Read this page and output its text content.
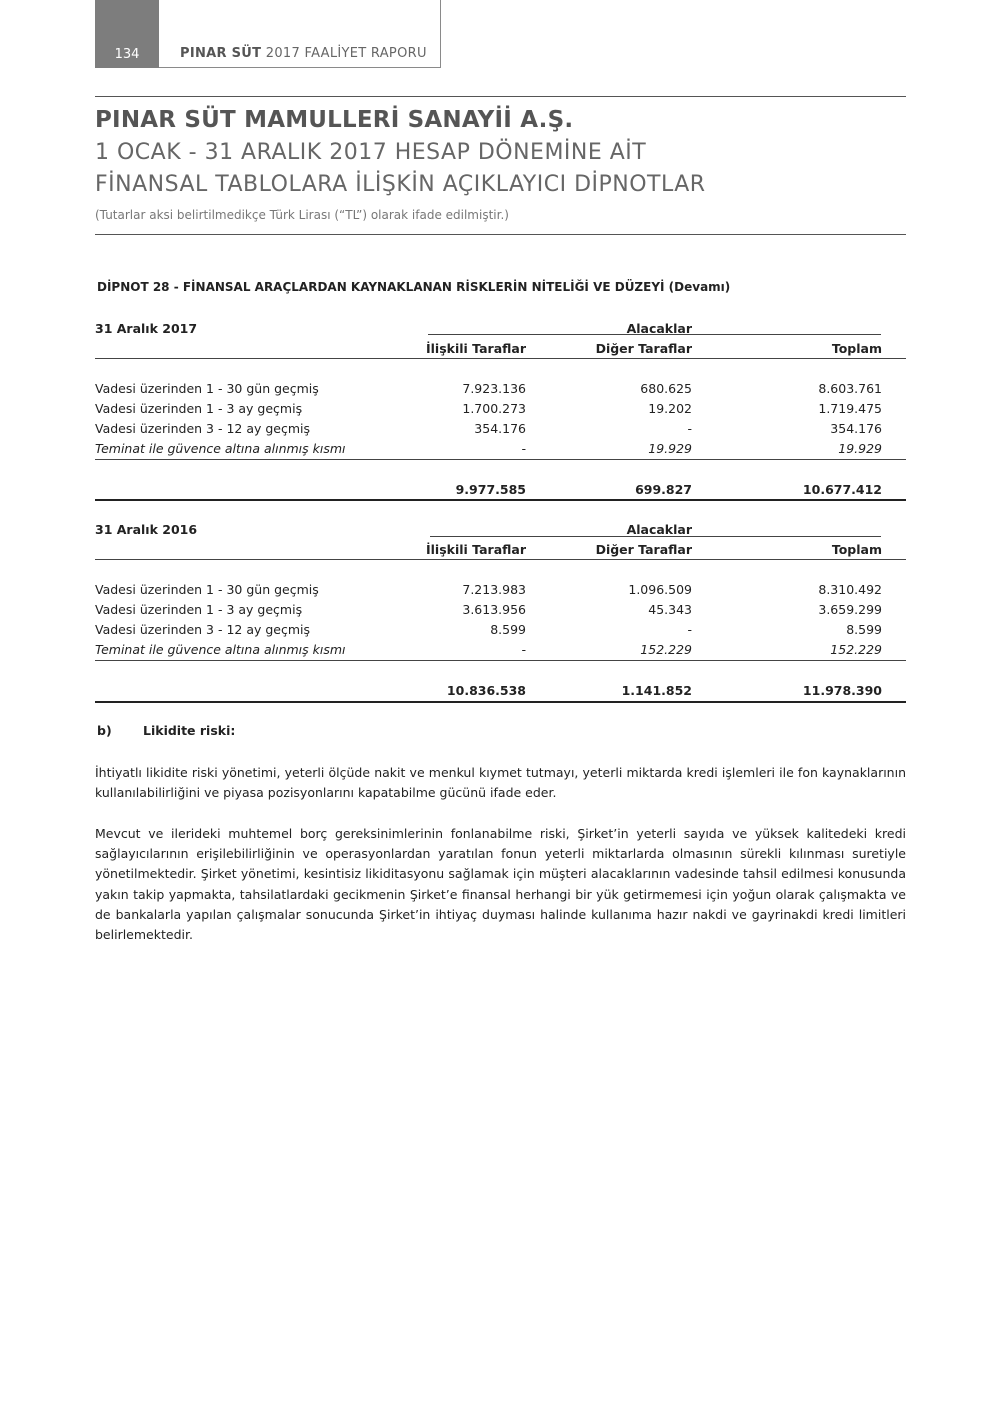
134	PINAR SÜT 2017 FAALİYET RAPORU
PINAR SÜT MAMULLERİ SANAYİİ A.Ş.
1 OCAK - 31 ARALIK 2017 HESAP DÖNEMİNE AİT
FİNANSAL TABLOLARA İLİŞKİN AÇIKLAYICI DİPNOTLAR
(Tutarlar aksi belirtilmedikçe Türk Lirası (“TL”) olarak ifade edilmiştir.)
DİPNOT 28 - FİNANSAL ARAÇLARDAN KAYNAKLANAN RİSKLERİN NİTELİĞİ VE DÜZEYİ (Devamı)
31 Aralık 2017	Alacaklar
İlişkili Taraflar	Diğer Taraflar	Toplam
Vadesi üzerinden 1 - 30 gün geçmiş	7.923.136	680.625	8.603.761
Vadesi üzerinden 1 - 3 ay geçmiş	1.700.273	19.202	1.719.475
Vadesi üzerinden 3 - 12 ay geçmiş	354.176	-	354.176
Teminat ile güvence altına alınmış kısmı	-	19.929	19.929
9.977.585	699.827	10.677.412
31 Aralık 2016	Alacaklar
İlişkili Taraflar	Diğer Taraflar	Toplam
Vadesi üzerinden 1 - 30 gün geçmiş	7.213.983	1.096.509	8.310.492
Vadesi üzerinden 1 - 3 ay geçmiş	3.613.956	45.343	3.659.299
Vadesi üzerinden 3 - 12 ay geçmiş	8.599	-	8.599
Teminat ile güvence altına alınmış kısmı	-	152.229	152.229
10.836.538	1.141.852	11.978.390
b)	Likidite riski:

İhtiyatlı likidite riski yönetimi, yeterli ölçüde nakit ve menkul kıymet tutmayı, yeterli miktarda kredi işlemleri ile fon kaynaklarının kullanılabilirliğini ve piyasa pozisyonlarını kapatabilme gücünü ifade eder.

Mevcut ve ilerideki muhtemel borç gereksinimlerinin fonlanabilme riski, Şirket’in yeterli sayıda ve yüksek kalitedeki kredi sağlayıcılarının erişilebilirliğinin ve operasyonlardan yaratılan fonun yeterli miktarlarda olmasının sürekli kılınması suretiyle yönetilmektedir. Şirket yönetimi, kesintisiz likiditasyonu sağlamak için müşteri alacaklarının vadesinde tahsil edilmesi konusunda yakın takip yapmakta, tahsilatlardaki gecikmenin Şirket’e finansal herhangi bir yük getirmemesi için yoğun olarak çalışmakta ve de bankalarla yapılan çalışmalar sonucunda Şirket’in ihtiyaç duyması halinde kullanıma hazır nakdi ve gayrinakdi kredi limitleri belirlemektedir.
